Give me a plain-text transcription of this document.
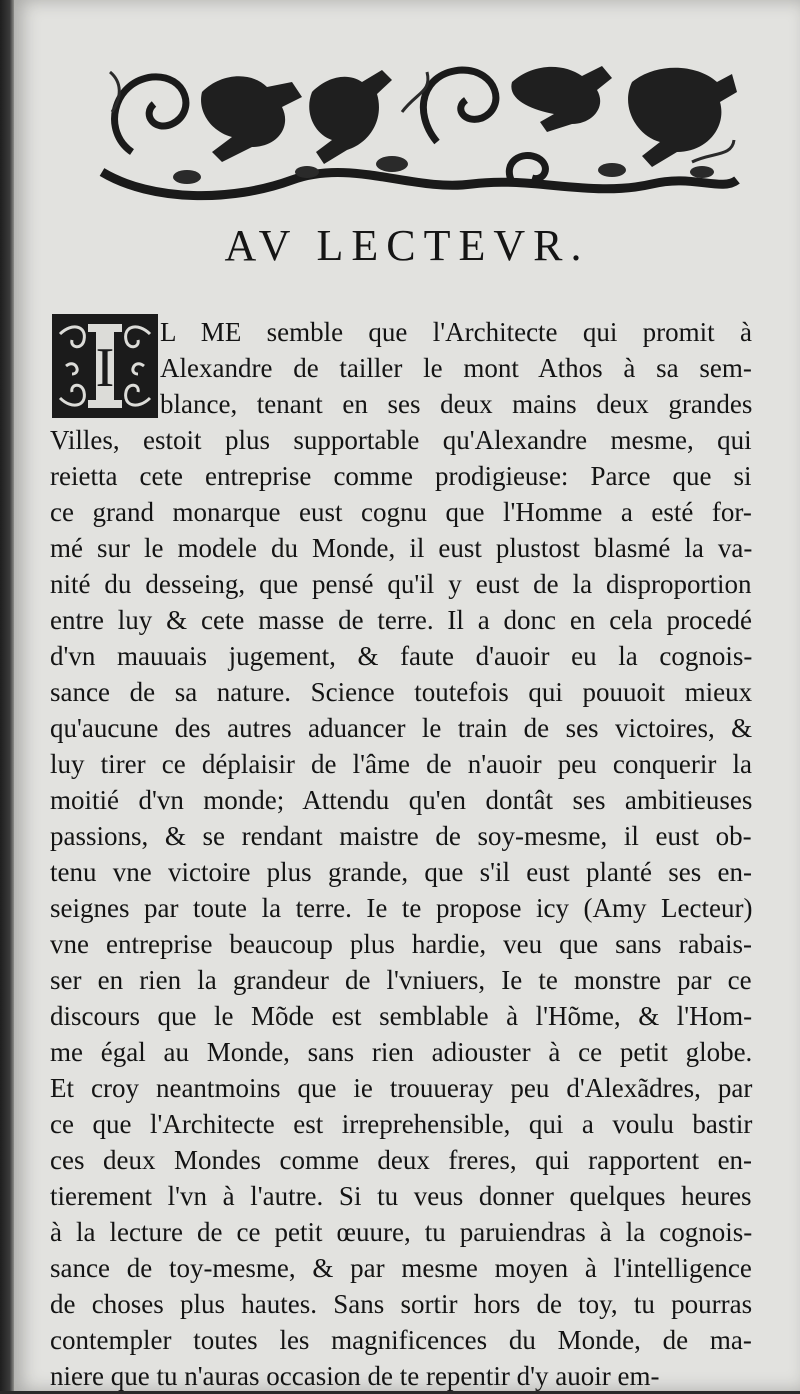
AV LECTEVR.
I
L ME semble que l'Architecte qui promit à
Alexandre de tailler le mont Athos à sa sem-
blance, tenant en ses deux mains deux grandes
Villes, estoit plus supportable qu'Alexandre mesme, qui
reietta cete entreprise comme prodigieuse: Parce que si
ce grand monarque eust cognu que l'Homme a esté for-
mé sur le modele du Monde, il eust plustost blasmé la va-
nité du desseing, que pensé qu'il y eust de la disproportion
entre luy & cete masse de terre. Il a donc en cela procedé
d'vn mauuais jugement, & faute d'auoir eu la cognois-
sance de sa nature. Science toutefois qui pouuoit mieux
qu'aucune des autres aduancer le train de ses victoires, &
luy tirer ce déplaisir de l'âme de n'auoir peu conquerir la
moitié d'vn monde; Attendu qu'en dontât ses ambitieuses
passions, & se rendant maistre de soy-mesme, il eust ob-
tenu vne victoire plus grande, que s'il eust planté ses en-
seignes par toute la terre. Ie te propose icy (Amy Lecteur)
vne entreprise beaucoup plus hardie, veu que sans rabais-
ser en rien la grandeur de l'vniuers, Ie te monstre par ce
discours que le Mõde est semblable à l'Hõme, & l'Hom-
me égal au Monde, sans rien adiouster à ce petit globe.
Et croy neantmoins que ie trouueray peu d'Alexãdres, par
ce que l'Architecte est irreprehensible, qui a voulu bastir
ces deux Mondes comme deux freres, qui rapportent en-
tierement l'vn à l'autre. Si tu veus donner quelques heures
à la lecture de ce petit œuure, tu paruiendras à la cognois-
sance de toy-mesme, & par mesme moyen à l'intelligence
de choses plus hautes. Sans sortir hors de toy, tu pourras
contempler toutes les magnificences du Monde, de ma-
niere que tu n'auras occasion de te repentir d'y auoir em-
